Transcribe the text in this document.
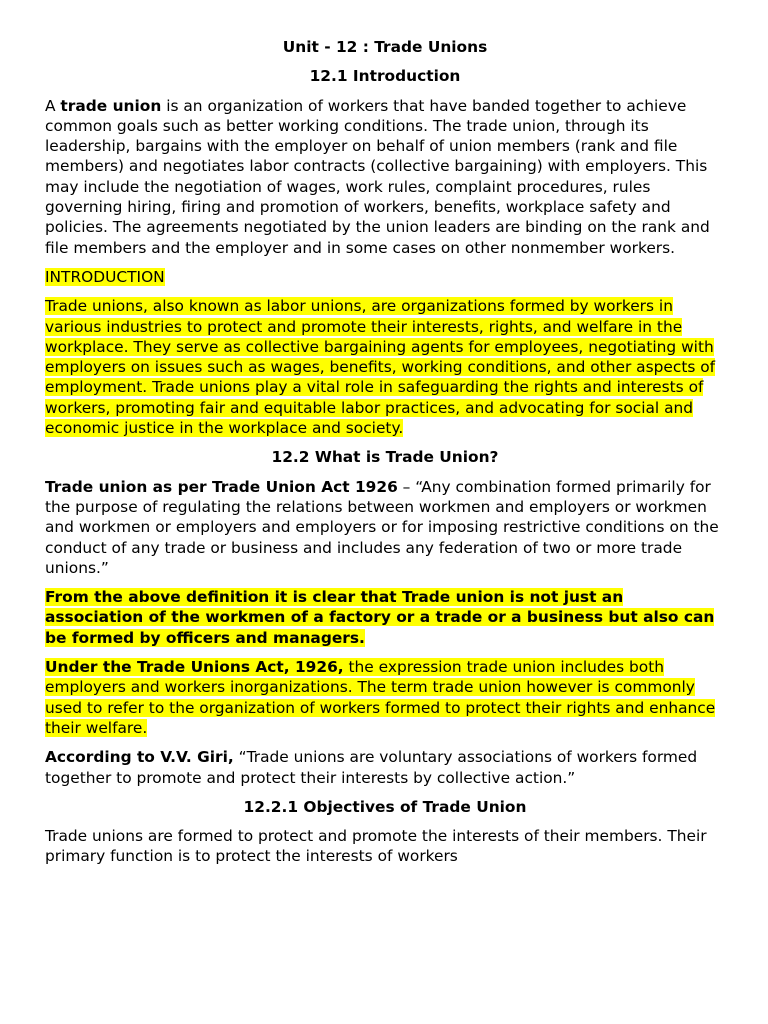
Unit - 12 : Trade Unions
12.1 Introduction

A trade union is an organization of workers that have banded together to achieve common goals such as better working conditions. The trade union, through its leadership, bargains with the employer on behalf of union members (rank and file members) and negotiates labor contracts (collective bargaining) with employers. This may include the negotiation of wages, work rules, complaint procedures, rules governing hiring, firing and promotion of workers, benefits, workplace safety and policies. The agreements negotiated by the union leaders are binding on the rank and file members and the employer and in some cases on other nonmember workers.

INTRODUCTION

Trade unions, also known as labor unions, are organizations formed by workers in various industries to protect and promote their interests, rights, and welfare in the workplace. They serve as collective bargaining agents for employees, negotiating with employers on issues such as wages, benefits, working conditions, and other aspects of employment. Trade unions play a vital role in safeguarding the rights and interests of workers, promoting fair and equitable labor practices, and advocating for social and economic justice in the workplace and society.

12.2 What is Trade Union?

Trade union as per Trade Union Act 1926 – “Any combination formed primarily for the purpose of regulating the relations between workmen and employers or workmen and workmen or employers and employers or for imposing restrictive conditions on the conduct of any trade or business and includes any federation of two or more trade unions.”

From the above definition it is clear that Trade union is not just an association of the workmen of a factory or a trade or a business but also can be formed by officers and managers.

Under the Trade Unions Act, 1926, the expression trade union includes both employers and workers inorganizations. The term trade union however is commonly used to refer to the organization of workers formed to protect their rights and enhance their welfare.

According to V.V. Giri, “Trade unions are voluntary associations of workers formed together to promote and protect their interests by collective action.”

12.2.1 Objectives of Trade Union

Trade unions are formed to protect and promote the interests of their members. Their primary function is to protect the interests of workers
